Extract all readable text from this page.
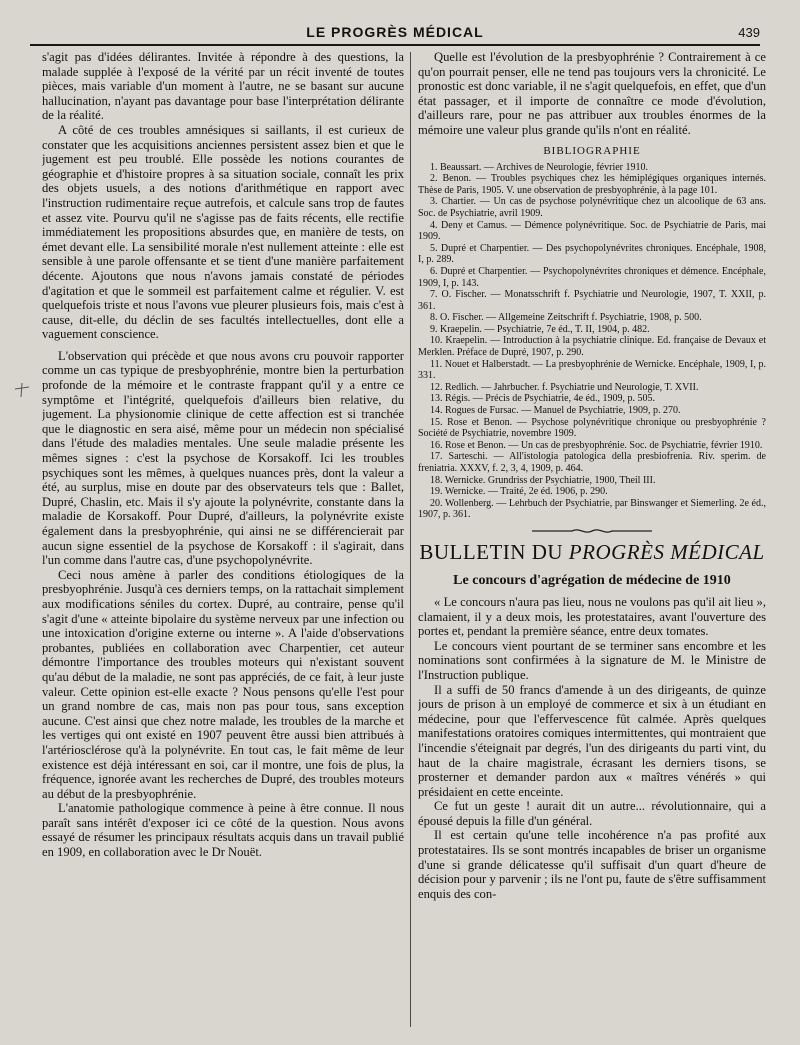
LE PROGRÈS MÉDICAL	439

s'agit pas d'idées délirantes. Invitée à répondre à des questions, la malade supplée à l'exposé de la vérité par un récit inventé de toutes pièces, mais variable d'un moment à l'autre, ne se basant sur aucune hallucination, n'ayant pas davantage pour base l'interprétation délirante de la réalité.

A côté de ces troubles amnésiques si saillants, il est curieux de constater que les acquisitions anciennes persistent assez bien et que le jugement est peu troublé. Elle possède les notions courantes de géographie et d'histoire propres à sa situation sociale, connaît les prix des objets usuels, a des notions d'arithmétique en rapport avec l'instruction rudimentaire reçue autrefois, et calcule sans trop de fautes et assez vite. Pourvu qu'il ne s'agisse pas de faits récents, elle rectifie immédiatement les propositions absurdes que, en manière de tests, on émet devant elle. La sensibilité morale n'est nullement atteinte : elle est sensible à une parole offensante et se tient d'une manière parfaitement décente. Ajoutons que nous n'avons jamais constaté de périodes d'agitation et que le sommeil est parfaitement calme et régulier. V. est quelquefois triste et nous l'avons vue pleurer plusieurs fois, mais c'est à cause, dit-elle, du déclin de ses facultés intellectuelles, dont elle a vaguement conscience.

L'observation qui précède et que nous avons cru pouvoir rapporter comme un cas typique de presbyophrénie, montre bien la perturbation profonde de la mémoire et le contraste frappant qu'il y a entre ce symptôme et l'intégrité, quelquefois d'ailleurs bien relative, du jugement. La physionomie clinique de cette affection est si tranchée que le diagnostic en sera aisé, même pour un médecin non spécialisé dans l'étude des maladies mentales. Une seule maladie présente les mêmes signes : c'est la psychose de Korsakoff. Ici les troubles psychiques sont les mêmes, à quelques nuances près, dont la valeur a été, au surplus, mise en doute par des observateurs tels que : Ballet, Dupré, Chaslin, etc. Mais il s'y ajoute la polynévrite, constante dans la maladie de Korsakoff. Pour Dupré, d'ailleurs, la polynévrite existe également dans la presbyophrénie, qui ainsi ne se différencierait par aucun signe essentiel de la psychose de Korsakoff : il s'agirait, dans l'un comme dans l'autre cas, d'une psychopolynévrite.

Ceci nous amène à parler des conditions étiologiques de la presbyophrénie. Jusqu'à ces derniers temps, on la rattachait simplement aux modifications séniles du cortex. Dupré, au contraire, pense qu'il s'agit d'une « atteinte bipolaire du système nerveux par une infection ou une intoxication d'origine externe ou interne ». A l'aide d'observations probantes, publiées en collaboration avec Charpentier, cet auteur démontre l'importance des troubles moteurs qui n'existant souvent qu'au début de la maladie, ne sont pas appréciés, de ce fait, à leur juste valeur. Cette opinion est-elle exacte ? Nous pensons qu'elle l'est pour un grand nombre de cas, mais non pas pour tous, sans exception aucune. C'est ainsi que chez notre malade, les troubles de la marche et les vertiges qui ont existé en 1907 peuvent être aussi bien attribués à l'artériosclérose qu'à la polynévrite. En tout cas, le fait même de leur existence est déjà intéressant en soi, car il montre, une fois de plus, la fréquence, ignorée avant les recherches de Dupré, des troubles moteurs au début de la presbyophrénie.

L'anatomie pathologique commence à peine à être connue. Il nous paraît sans intérêt d'exposer ici ce côté de la question. Nous avons essayé de résumer les principaux résultats acquis dans un travail publié en 1909, en collaboration avec le Dr Nouët.

Quelle est l'évolution de la presbyophrénie ? Contrairement à ce qu'on pourrait penser, elle ne tend pas toujours vers la chronicité. Le pronostic est donc variable, il ne s'agit quelquefois, en effet, que d'un état passager, et il importe de connaître ce mode d'évolution, d'ailleurs rare, pour ne pas attribuer aux troubles énormes de la mémoire une valeur plus grande qu'ils n'ont en réalité.

BIBLIOGRAPHIE

1. Beaussart. — Archives de Neurologie, février 1910.

2. Benon. — Troubles psychiques chez les hémiplégiques organiques internés. Thèse de Paris, 1905. V. une observation de presbyophrénie, à la page 101.

3. Chartier. — Un cas de psychose polynévritique chez un alcoolique de 63 ans. Soc. de Psychiatrie, avril 1909.

4. Deny et Camus. — Démence polynévritique. Soc. de Psychiatrie de Paris, mai 1909.

5. Dupré et Charpentier. — Des psychopolynévrites chroniques. Encéphale, 1908, I, p. 289.

6. Dupré et Charpentier. — Psychopolynévrites chroniques et démence. Encéphale, 1909, I, p. 143.

7. O. Fischer. — Monatsschrift f. Psychiatrie und Neurologie, 1907, T. XXII, p. 361.

8. O. Fischer. — Allgemeine Zeitschrift f. Psychiatrie, 1908, p. 500.

9. Kraepelin. — Psychiatrie, 7e éd., T. II, 1904, p. 482.

10. Kraepelin. — Introduction à la psychiatrie clinique. Ed. française de Devaux et Merklen. Préface de Dupré, 1907, p. 290.

11. Nouet et Halberstadt. — La presbyophrénie de Wernicke. Encéphale, 1909, I, p. 331.

12. Redlich. — Jahrbucher. f. Psychiatrie und Neurologie, T. XVII.

13. Régis. — Précis de Psychiatrie, 4e éd., 1909, p. 505.

14. Rogues de Fursac. — Manuel de Psychiatrie, 1909, p. 270.

15. Rose et Benon. — Psychose polynévritique chronique ou presbyophrénie ? Société de Psychiatrie, novembre 1909.

16. Rose et Benon. — Un cas de presbyophrénie. Soc. de Psychiatrie, février 1910.

17. Sarteschi. — All'istologia patologica della presbiofrenia. Riv. sperim. de freniatria. XXXV, f. 2, 3, 4, 1909, p. 464.

18. Wernicke. Grundriss der Psychiatrie, 1900, Theil III.

19. Wernicke. — Traité, 2e éd. 1906, p. 290.

20. Wollenberg. — Lehrbuch der Psychiatrie, par Binswanger et Siemerling. 2e éd., 1907, p. 361.

BULLETIN DU PROGRÈS MÉDICAL
Le concours d'agrégation de médecine de 1910

« Le concours n'aura pas lieu, nous ne voulons pas qu'il ait lieu », clamaient, il y a deux mois, les protestataires, avant l'ouverture des portes et, pendant la première séance, entre deux tomates.

Le concours vient pourtant de se terminer sans encombre et les nominations sont confirmées à la signature de M. le Ministre de l'Instruction publique.

Il a suffi de 50 francs d'amende à un des dirigeants, de quinze jours de prison à un employé de commerce et six à un étudiant en médecine, pour que l'effervescence fût calmée. Après quelques manifestations oratoires comiques intermittentes, qui montraient que l'incendie s'éteignait par degrés, l'un des dirigeants du parti vint, du haut de la chaire magistrale, écrasant les derniers tisons, se prosterner et demander pardon aux « maîtres vénérés » qui présidaient en cette enceinte.

Ce fut un geste ! aurait dit un autre... révolutionnaire, qui a épousé depuis la fille d'un général.

Il est certain qu'une telle incohérence n'a pas profité aux protestataires. Ils se sont montrés incapables de briser un organisme d'une si grande délicatesse qu'il suffisait d'un quart d'heure de décision pour y parvenir ; ils ne l'ont pu, faute de s'être suffisamment enquis des con-
